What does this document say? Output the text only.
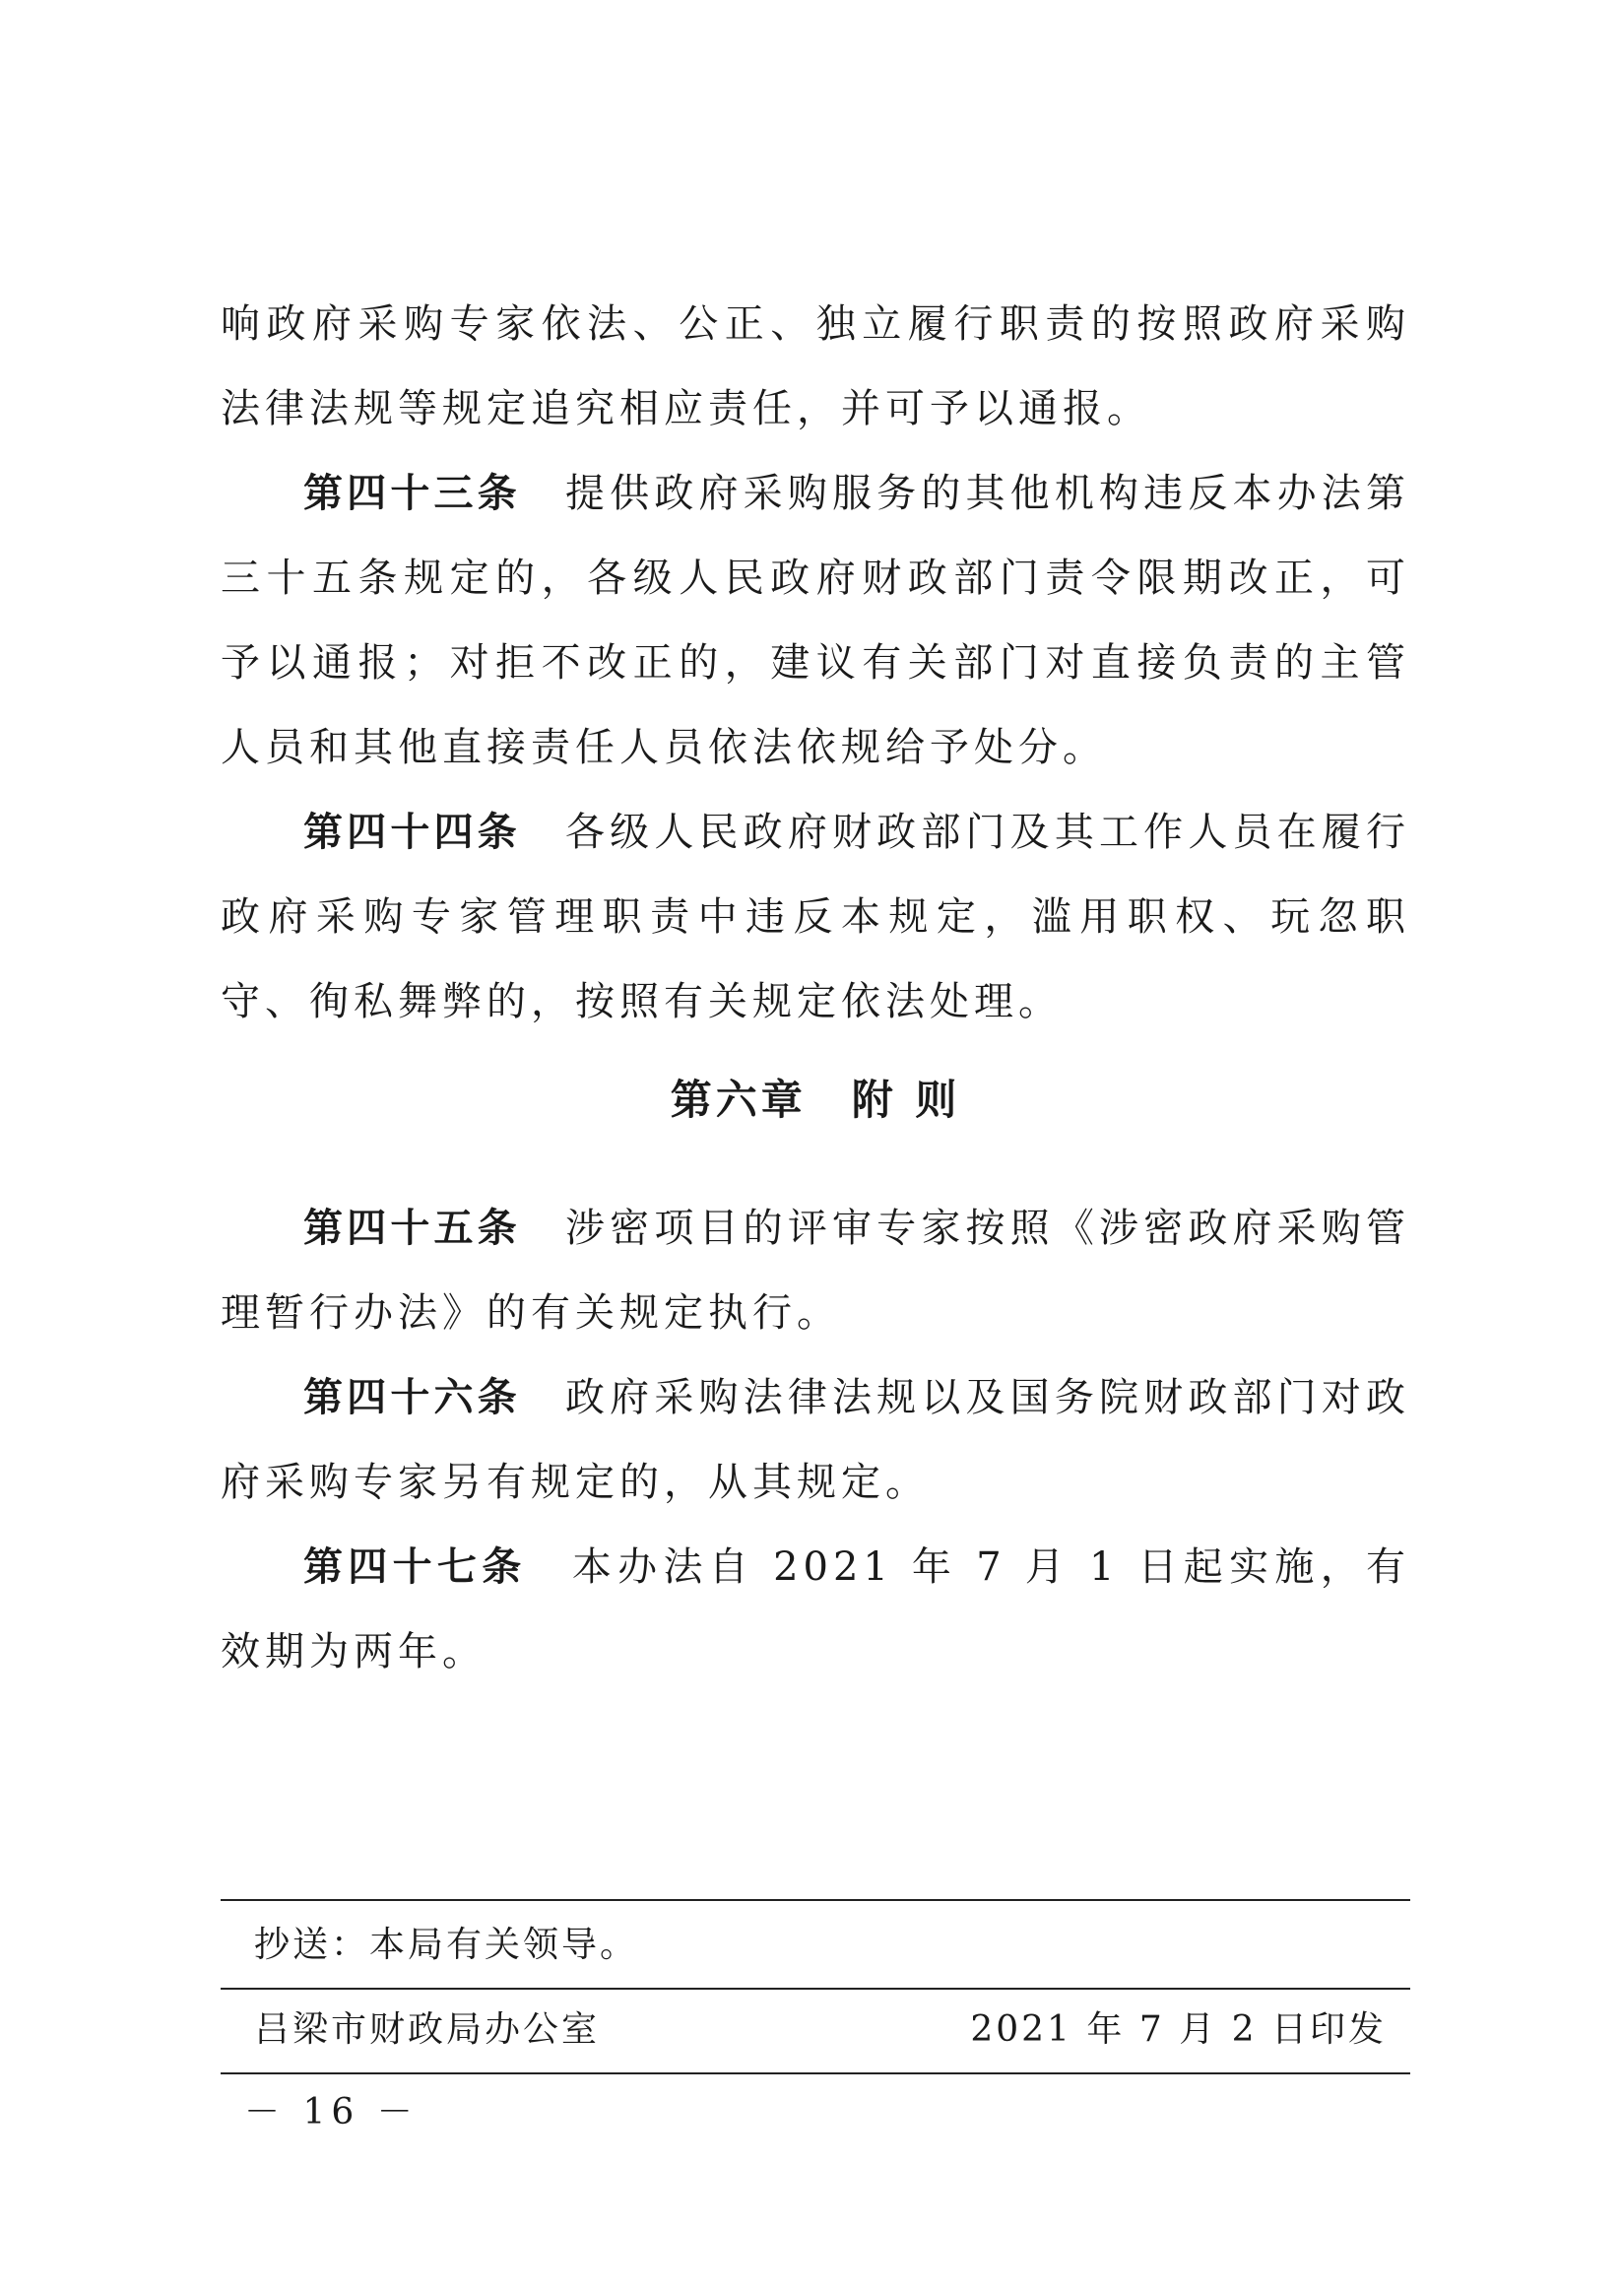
响政府采购专家依法、公正、独立履行职责的按照政府采购法律法规等规定追究相应责任，并可予以通报。

第四十三条　 提供政府采购服务的其他机构违反本办法第三十五条规定的，各级人民政府财政部门责令限期改正，可予以通报；对拒不改正的，建议有关部门对直接负责的主管人员和其他直接责任人员依法依规给予处分。

第四十四条　 各级人民政府财政部门及其工作人员在履行政府采购专家管理职责中违反本规定，滥用职权、玩忽职守、徇私舞弊的，按照有关规定依法处理。

第六章　附 则

第四十五条　 涉密项目的评审专家按照《涉密政府采购管理暂行办法》的有关规定执行。

第四十六条　 政府采购法律法规以及国务院财政部门对政府采购专家另有规定的，从其规定。

第四十七条　 本办法自 2021 年 7 月 1 日起实施，有效期为两年。

抄送：本局有关领导。
吕梁市财政局办公室	2021 年 7 月 2 日印发
－ 16 －
